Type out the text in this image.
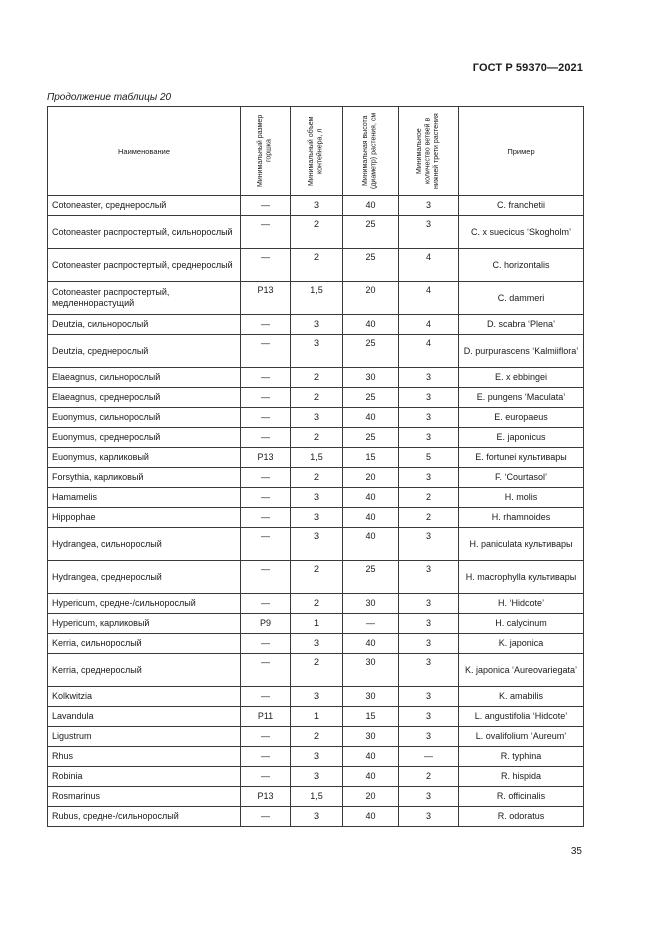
ГОСТ Р 59370—2021
Продолжение таблицы 20
Наименование	Минимальный размер горшка	Минимальный объем контейнера, л	Минимальная высота (диаметр) растения, см	Минимальное количество ветвей в нижней трети растения	Пример
Cotoneaster, среднерослый	—	3	40	3	C. franchetii
Cotoneaster распростертый, сильнорослый	—	2	25	3	C. x suecicus ‘Skogholm’
Cotoneaster распростертый, среднерослый	—	2	25	4	C. horizontalis
Cotoneaster распростертый, медленнорастущий	P13	1,5	20	4	C. dammeri
Deutzia, сильнорослый	—	3	40	4	D. scabra ‘Plena’
Deutzia, среднерослый	—	3	25	4	D. purpurascens ‘Kalmiiflora’
Elaeagnus, сильнорослый	—	2	30	3	E. x ebbingei
Elaeagnus, среднерослый	—	2	25	3	E. pungens ‘Maculata’
Euonymus, сильнорослый	—	3	40	3	E. europaeus
Euonymus, среднерослый	—	2	25	3	E. japonicus
Euonymus, карликовый	P13	1,5	15	5	E. fortunei культивары
Forsythia, карликовый	—	2	20	3	F. ‘Courtasol’
Hamamelis	—	3	40	2	H. molis
Hippophae	—	3	40	2	H. rhamnoides
Hydrangea, сильнорослый	—	3	40	3	H. paniculata культивары
Hydrangea, среднерослый	—	2	25	3	H. macrophylla культивары
Hypericum, средне-/сильнорослый	—	2	30	3	H. ‘Hidcote’
Hypericum, карликовый	P9	1	—	3	H. calycinum
Kerria, сильнорослый	—	3	40	3	K. japonica
Kerria, среднерослый	—	2	30	3	K. japonica ‘Aureovariegata’
Kolkwitzia	—	3	30	3	K. amabilis
Lavandula	P11	1	15	3	L. angustifolia ‘Hidcote’
Ligustrum	—	2	30	3	L. ovalifolium ‘Aureum’
Rhus	—	3	40	—	R. typhina
Robinia	—	3	40	2	R. hispida
Rosmarinus	P13	1,5	20	3	R. officinalis
Rubus, средне-/сильнорослый	—	3	40	3	R. odoratus
35
